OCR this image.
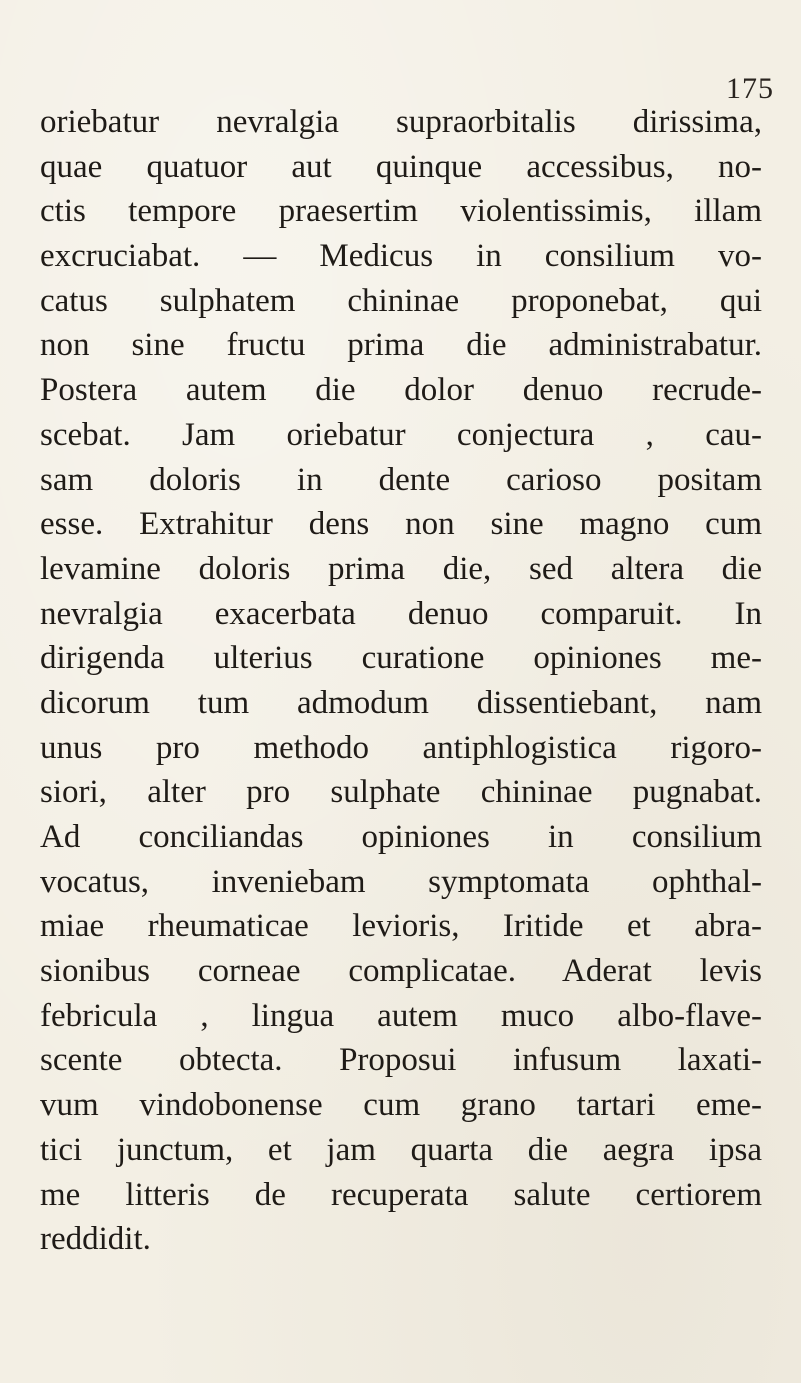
175
oriebatur nevralgia supraorbitalis dirissima,
quae quatuor aut quinque accessibus, no-
ctis tempore praesertim violentissimis, illam
excruciabat. — Medicus in consilium vo-
catus sulphatem chininae proponebat, qui
non sine fructu prima die administrabatur.
Postera autem die dolor denuo recrude-
scebat. Jam oriebatur conjectura , cau-
sam doloris in dente carioso positam
esse. Extrahitur dens non sine magno cum
levamine doloris prima die, sed altera die
nevralgia exacerbata denuo comparuit. In
dirigenda ulterius curatione opiniones me-
dicorum tum admodum dissentiebant, nam
unus pro methodo antiphlogistica rigoro-
siori, alter pro sulphate chininae pugnabat.
Ad conciliandas opiniones in consilium
vocatus, inveniebam symptomata ophthal-
miae rheumaticae levioris, Iritide et abra-
sionibus corneae complicatae. Aderat levis
febricula , lingua autem muco albo-flave-
scente obtecta. Proposui infusum laxati-
vum vindobonense cum grano tartari eme-
tici junctum, et jam quarta die aegra ipsa
me litteris de recuperata salute certiorem
reddidit.
